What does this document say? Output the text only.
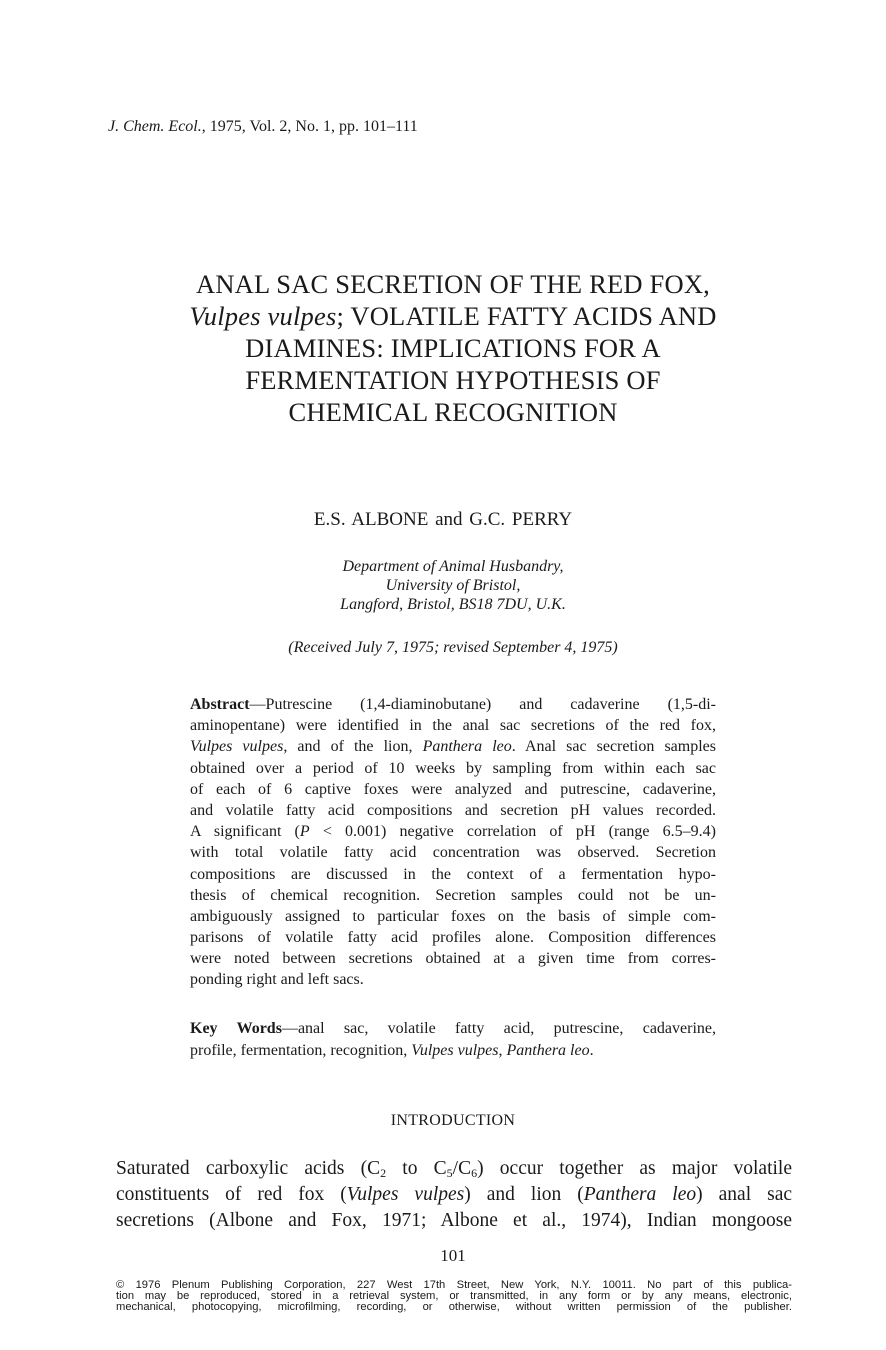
J. Chem. Ecol., 1975, Vol. 2, No. 1, pp. 101–111
ANAL SAC SECRETION OF THE RED FOX,
Vulpes vulpes; VOLATILE FATTY ACIDS AND
DIAMINES: IMPLICATIONS FOR A
FERMENTATION HYPOTHESIS OF
CHEMICAL RECOGNITION
E.S. ALBONE and G.C. PERRY
Department of Animal Husbandry,
University of Bristol,
Langford, Bristol, BS18 7DU, U.K.
(Received July 7, 1975; revised September 4, 1975)
Abstract—Putrescine (1,4-diaminobutane) and cadaverine (1,5-di-
aminopentane) were identified in the anal sac secretions of the red fox,
Vulpes vulpes, and of the lion, Panthera leo. Anal sac secretion samples
obtained over a period of 10 weeks by sampling from within each sac
of each of 6 captive foxes were analyzed and putrescine, cadaverine,
and volatile fatty acid compositions and secretion pH values recorded.
A significant (P < 0.001) negative correlation of pH (range 6.5–9.4)
with total volatile fatty acid concentration was observed. Secretion
compositions are discussed in the context of a fermentation hypo-
thesis of chemical recognition. Secretion samples could not be un-
ambiguously assigned to particular foxes on the basis of simple com-
parisons of volatile fatty acid profiles alone. Composition differences
were noted between secretions obtained at a given time from corres-
ponding right and left sacs.
Key Words—anal sac, volatile fatty acid, putrescine, cadaverine,
profile, fermentation, recognition, Vulpes vulpes, Panthera leo.
INTRODUCTION
Saturated carboxylic acids ($C_2$ to $C_5/C_6$) occur together as major volatile
constituents of red fox (Vulpes vulpes) and lion (Panthera leo) anal sac
secretions (Albone and Fox, 1971; Albone et al., 1974), Indian mongoose
101
© 1976 Plenum Publishing Corporation, 227 West 17th Street, New York, N.Y. 10011. No part of this publica-
tion may be reproduced, stored in a retrieval system, or transmitted, in any form or by any means, electronic,
mechanical, photocopying, microfilming, recording, or otherwise, without written permission of the publisher.
